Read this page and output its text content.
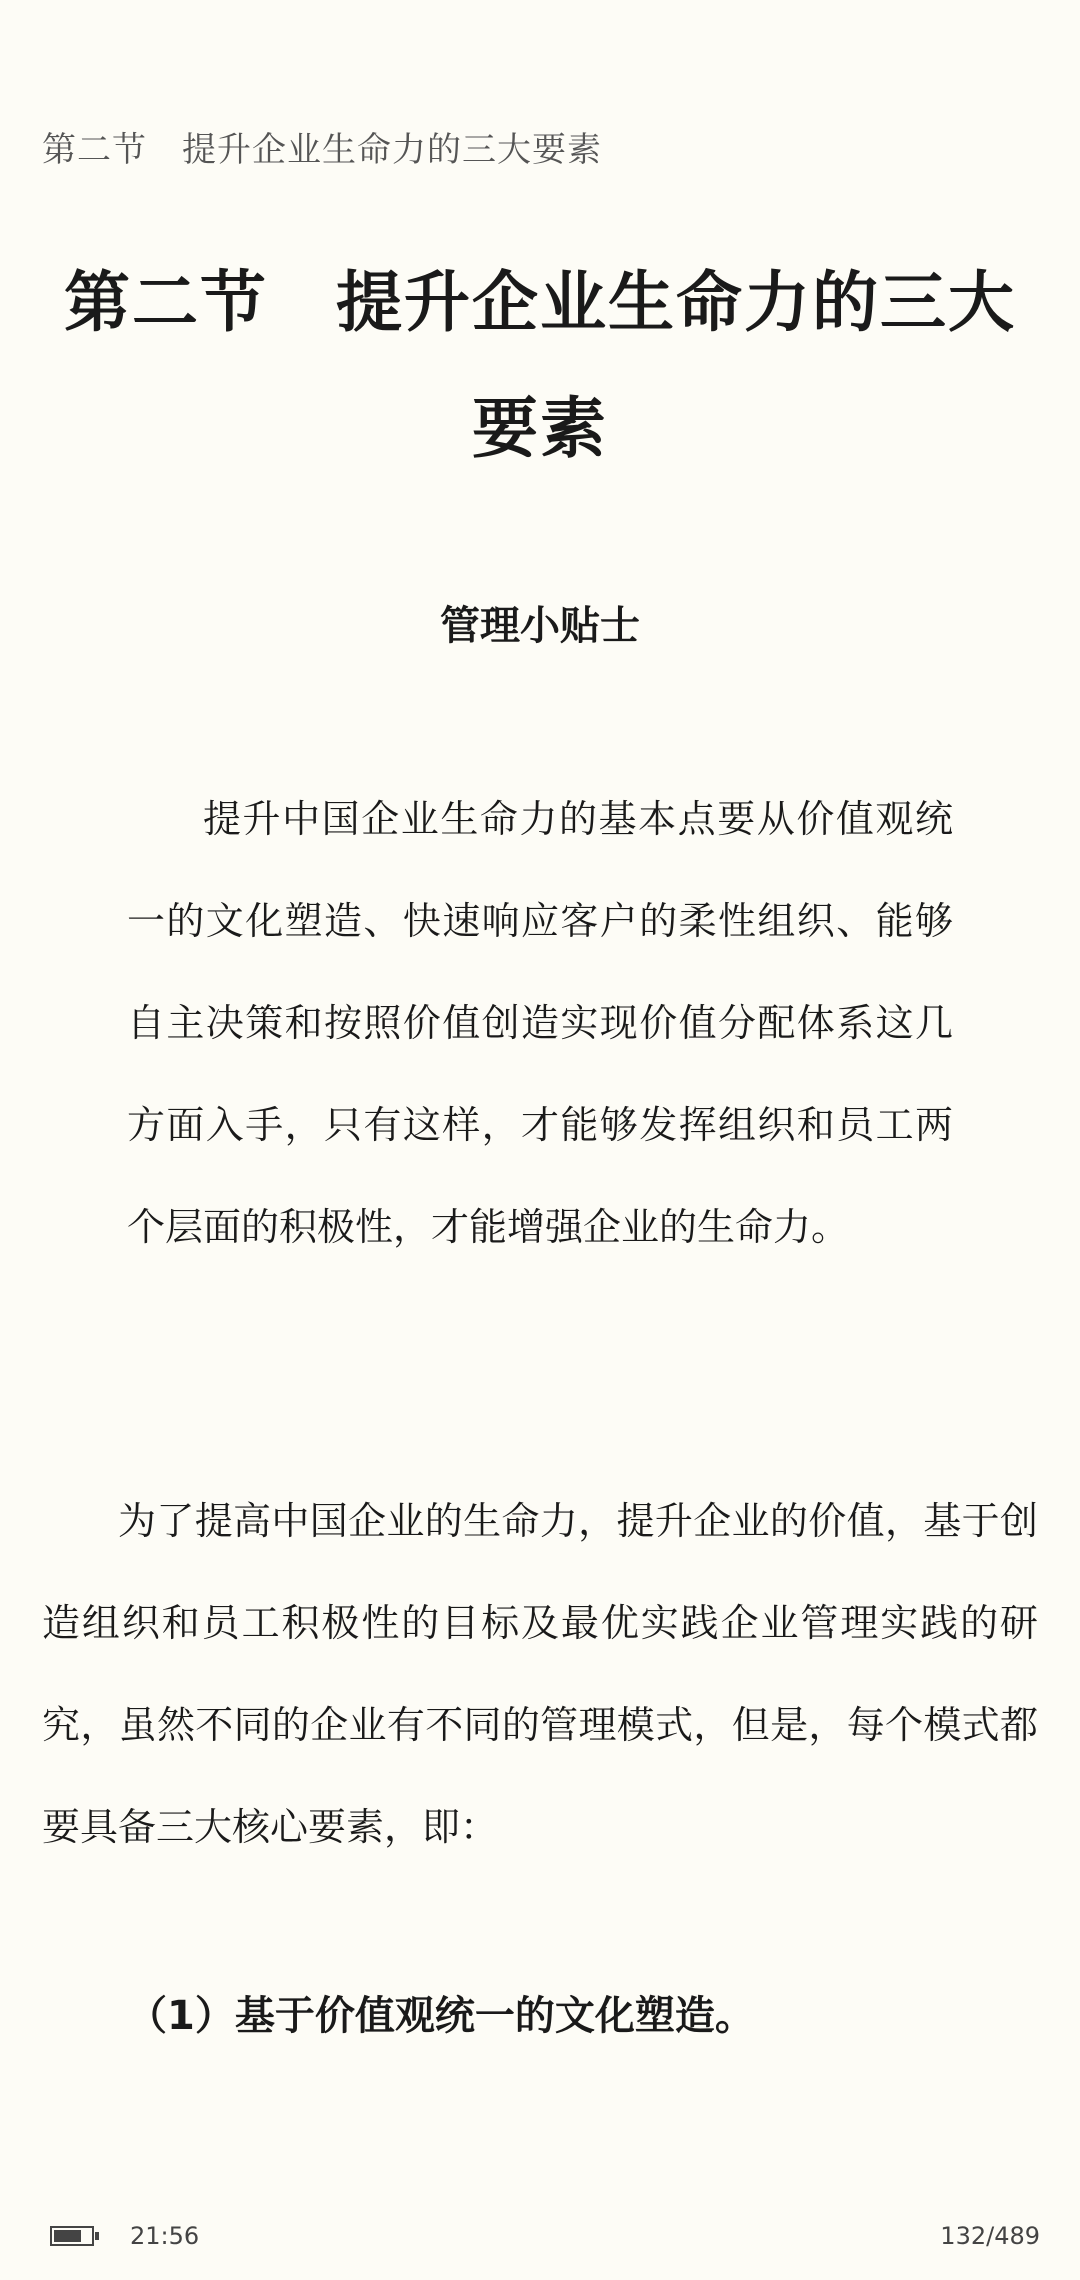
第二节　提升企业生命力的三大要素
第二节　提升企业生命力的三大要素
管理小贴士

提升中国企业生命力的基本点要从价值观统一的文化塑造、快速响应客户的柔性组织、能够自主决策和按照价值创造实现价值分配体系这几方面入手，只有这样，才能够发挥组织和员工两个层面的积极性，才能增强企业的生命力。

为了提高中国企业的生命力，提升企业的价值，基于创造组织和员工积极性的目标及最优实践企业管理实践的研究，虽然不同的企业有不同的管理模式，但是，每个模式都要具备三大核心要素，即：

（1）基于价值观统一的文化塑造。
21:56	132/489
